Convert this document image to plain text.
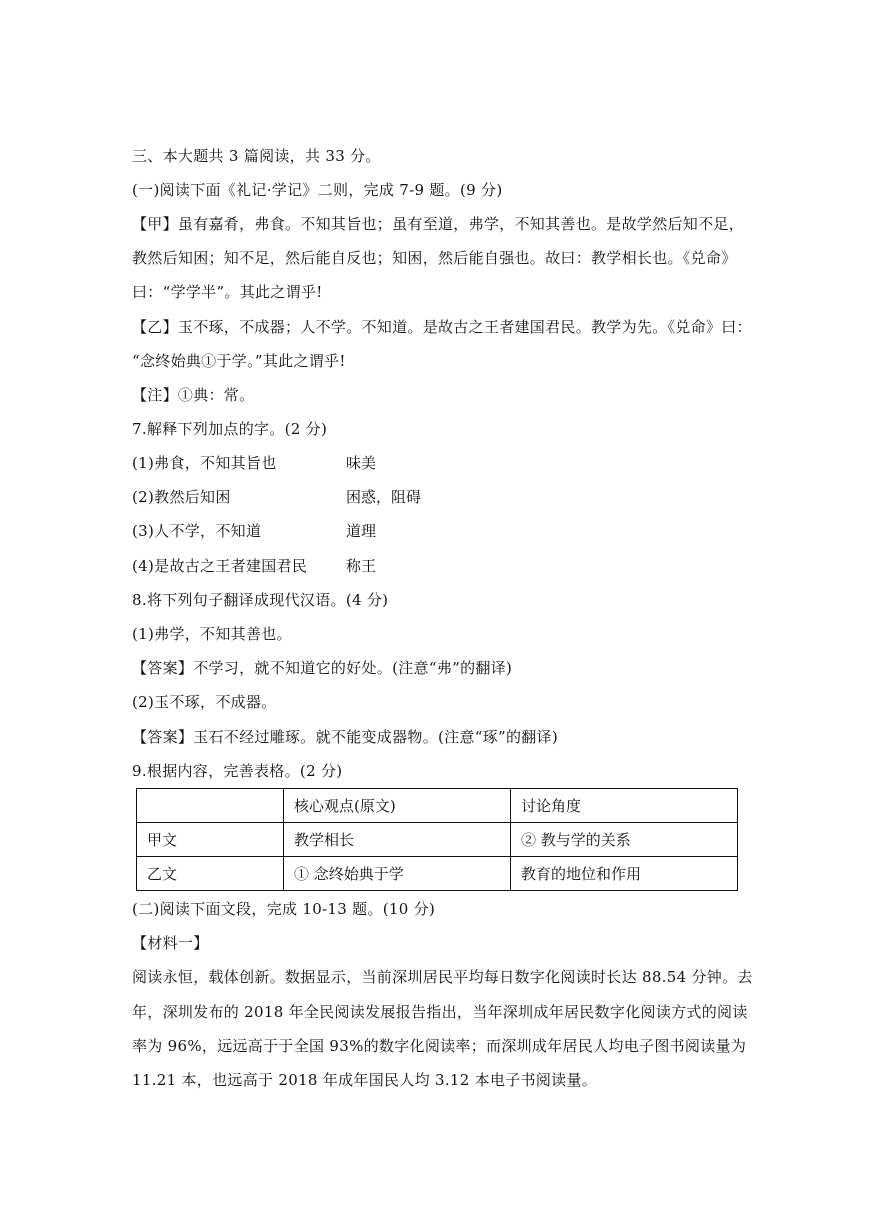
三、本大题共 3 篇阅读，共 33 分。
(一)阅读下面《礼记·学记》二则，完成 7-9 题。(9 分)
【甲】虽有嘉肴，弗食。不知其旨也；虽有至道，弗学，不知其善也。是故学然后知不足，
教然后知困；知不足，然后能自反也；知困，然后能自强也。故曰：教学相长也。《兑命》
曰：“学学半”。其此之谓乎!
【乙】玉不琢，不成器；人不学。不知道。是故古之王者建国君民。教学为先。《兑命》曰：
“念终始典①于学。”其此之谓乎!
【注】①典：常。
7.解释下列加点的字。(2 分)
(1)弗食，不知其旨也	味美
(2)教然后知困	困惑，阻碍
(3)人不学，不知道	道理
(4)是故古之王者建国君民	称王
8.将下列句子翻译成现代汉语。(4 分)
(1)弗学，不知其善也。
【答案】不学习，就不知道它的好处。(注意“弗”的翻译)
(2)玉不琢，不成器。
【答案】玉石不经过雕琢。就不能变成器物。(注意“琢”的翻译)
9.根据内容，完善表格。(2 分)
	核心观点(原文)	讨论角度
甲文	教学相长	② 教与学的关系
乙文	① 念终始典于学	教育的地位和作用
(二)阅读下面文段，完成 10-13 题。(10 分)
【材料一】
阅读永恒，载体创新。数据显示，当前深圳居民平均每日数字化阅读时长达 88.54 分钟。去
年，深圳发布的 2018 年全民阅读发展报告指出，当年深圳成年居民数字化阅读方式的阅读
率为 96%，远远高于于全国 93%的数字化阅读率；而深圳成年居民人均电子图书阅读量为
11.21 本，也远高于 2018 年成年国民人均 3.12 本电子书阅读量。
